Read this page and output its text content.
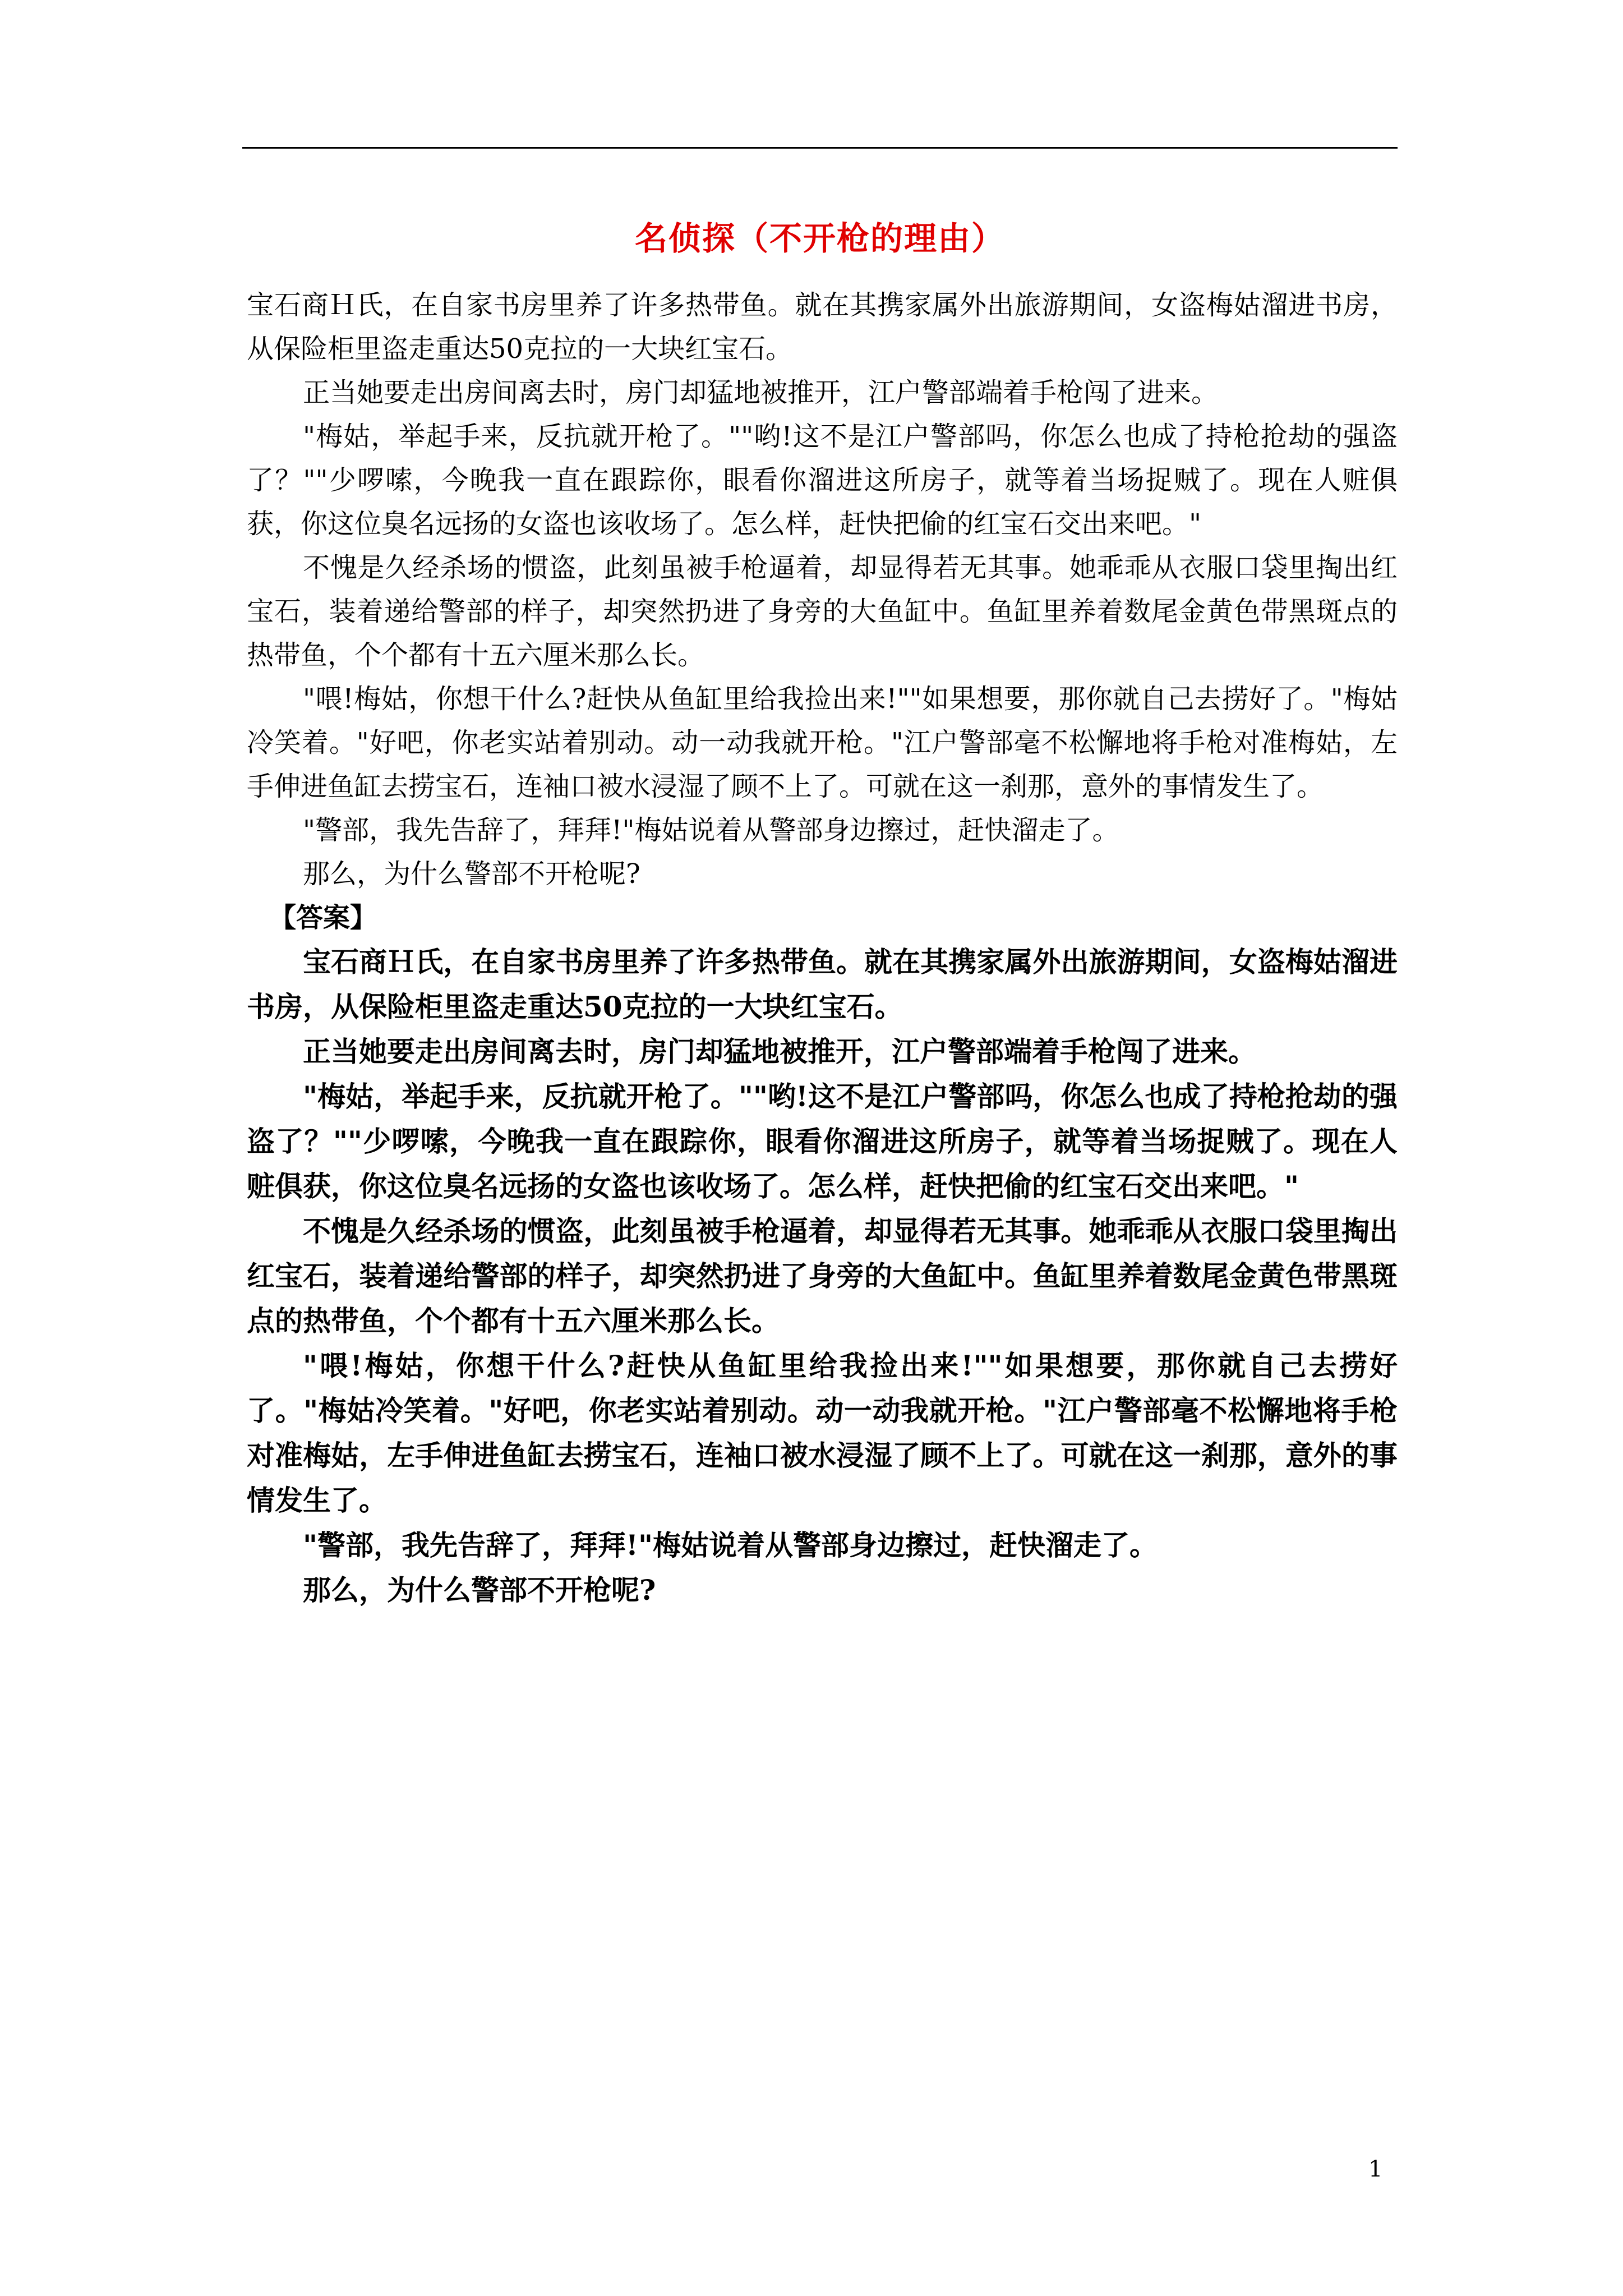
名侦探（不开枪的理由）

宝石商Ｈ氏，在自家书房里养了许多热带鱼。就在其携家属外出旅游期间，女盗梅姑溜进书房，从保险柜里盗走重达50克拉的一大块红宝石。

正当她要走出房间离去时，房门却猛地被推开，江户警部端着手枪闯了进来。

"梅姑，举起手来，反抗就开枪了。""哟!这不是江户警部吗，你怎么也成了持枪抢劫的强盗了？""少啰嗦，今晚我一直在跟踪你，眼看你溜进这所房子，就等着当场捉贼了。现在人赃俱获，你这位臭名远扬的女盗也该收场了。怎么样，赶快把偷的红宝石交出来吧。"

不愧是久经杀场的惯盗，此刻虽被手枪逼着，却显得若无其事。她乖乖从衣服口袋里掏出红宝石，装着递给警部的样子，却突然扔进了身旁的大鱼缸中。鱼缸里养着数尾金黄色带黑斑点的热带鱼，个个都有十五六厘米那么长。

"喂!梅姑，你想干什么?赶快从鱼缸里给我捡出来!""如果想要，那你就自己去捞好了。"梅姑冷笑着。"好吧，你老实站着别动。动一动我就开枪。"江户警部毫不松懈地将手枪对准梅姑，左手伸进鱼缸去捞宝石，连袖口被水浸湿了顾不上了。可就在这一刹那，意外的事情发生了。

"警部，我先告辞了，拜拜!"梅姑说着从警部身边擦过，赶快溜走了。

那么，为什么警部不开枪呢?

【答案】

宝石商Ｈ氏，在自家书房里养了许多热带鱼。就在其携家属外出旅游期间，女盗梅姑溜进书房，从保险柜里盗走重达50克拉的一大块红宝石。

正当她要走出房间离去时，房门却猛地被推开，江户警部端着手枪闯了进来。

"梅姑，举起手来，反抗就开枪了。""哟!这不是江户警部吗，你怎么也成了持枪抢劫的强盗了？""少啰嗦，今晚我一直在跟踪你，眼看你溜进这所房子，就等着当场捉贼了。现在人赃俱获，你这位臭名远扬的女盗也该收场了。怎么样，赶快把偷的红宝石交出来吧。"

不愧是久经杀场的惯盗，此刻虽被手枪逼着，却显得若无其事。她乖乖从衣服口袋里掏出红宝石，装着递给警部的样子，却突然扔进了身旁的大鱼缸中。鱼缸里养着数尾金黄色带黑斑点的热带鱼，个个都有十五六厘米那么长。

"喂!梅姑，你想干什么?赶快从鱼缸里给我捡出来!""如果想要，那你就自己去捞好了。"梅姑冷笑着。"好吧，你老实站着别动。动一动我就开枪。"江户警部毫不松懈地将手枪对准梅姑，左手伸进鱼缸去捞宝石，连袖口被水浸湿了顾不上了。可就在这一刹那，意外的事情发生了。

"警部，我先告辞了，拜拜!"梅姑说着从警部身边擦过，赶快溜走了。

那么，为什么警部不开枪呢?

1
